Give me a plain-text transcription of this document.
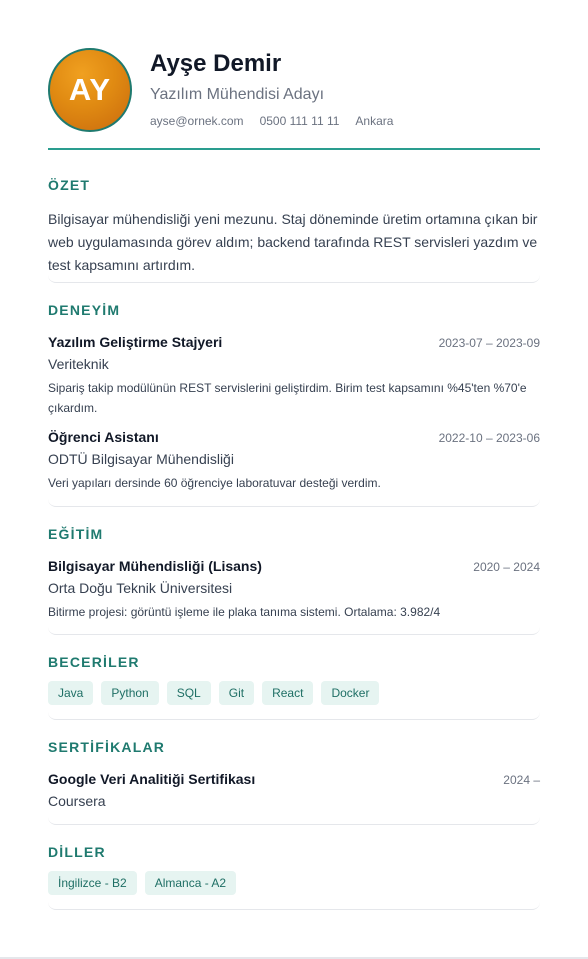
AY
Ayşe Demir
Yazılım Mühendisi Adayı
ayse@ornek.com 0500 111 11 11 Ankara
ÖZET
Bilgisayar mühendisliği yeni mezunu. Staj döneminde üretim ortamına çıkan bir web uygulamasında görev aldım; backend tarafında REST servisleri yazdım ve test kapsamını artırdım.
DENEYİM
Yazılım Geliştirme Stajyeri	2023-07 – 2023-09
Veriteknik
Sipariş takip modülünün REST servislerini geliştirdim. Birim test kapsamını %45'ten %70'e çıkardım.
Öğrenci Asistanı	2022-10 – 2023-06
ODTÜ Bilgisayar Mühendisliği
Veri yapıları dersinde 60 öğrenciye laboratuvar desteği verdim.
EĞİTİM
Bilgisayar Mühendisliği (Lisans)	2020 – 2024
Orta Doğu Teknik Üniversitesi
Bitirme projesi: görüntü işleme ile plaka tanıma sistemi. Ortalama: 3.982/4
BECERİLER
Java	Python	SQL	Git	React	Docker
SERTİFİKALAR
Google Veri Analitiği Sertifikası	2024 –
Coursera
DİLLER
İngilizce - B2	Almanca - A2
